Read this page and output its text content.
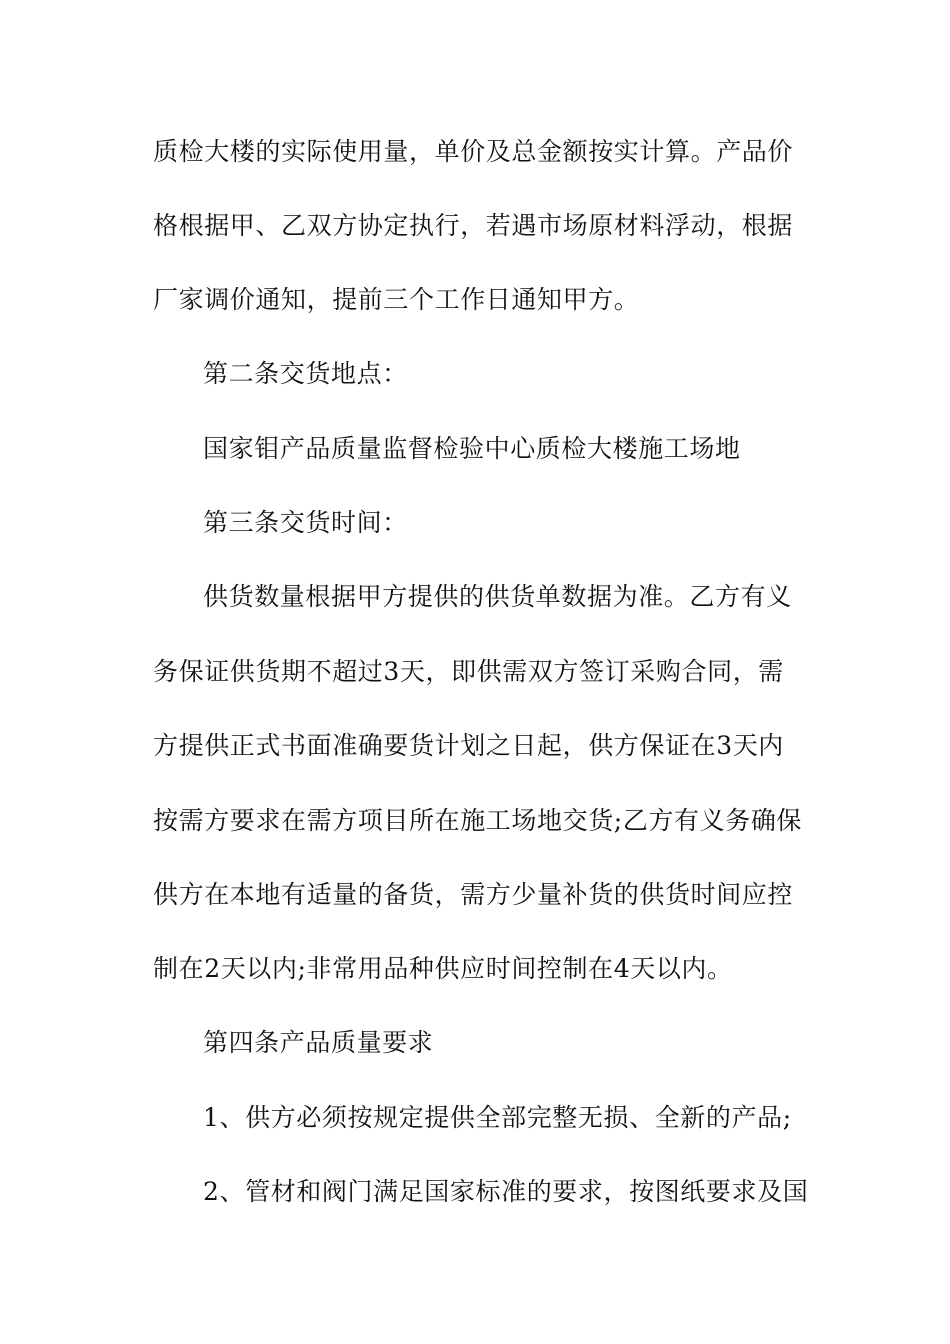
质检大楼的实际使用量，单价及总金额按实计算。产品价
格根据甲、乙双方协定执行，若遇市场原材料浮动，根据
厂家调价通知，提前三个工作日通知甲方。
第二条交货地点：
国家钼产品质量监督检验中心质检大楼施工场地
第三条交货时间：
供货数量根据甲方提供的供货单数据为准。乙方有义
务保证供货期不超过3天，即供需双方签订采购合同，需
方提供正式书面准确要货计划之日起，供方保证在3天内
按需方要求在需方项目所在施工场地交货;乙方有义务确保
供方在本地有适量的备货，需方少量补货的供货时间应控
制在2天以内;非常用品种供应时间控制在4天以内。
第四条产品质量要求
1、供方必须按规定提供全部完整无损、全新的产品;
2、管材和阀门满足国家标准的要求，按图纸要求及国
